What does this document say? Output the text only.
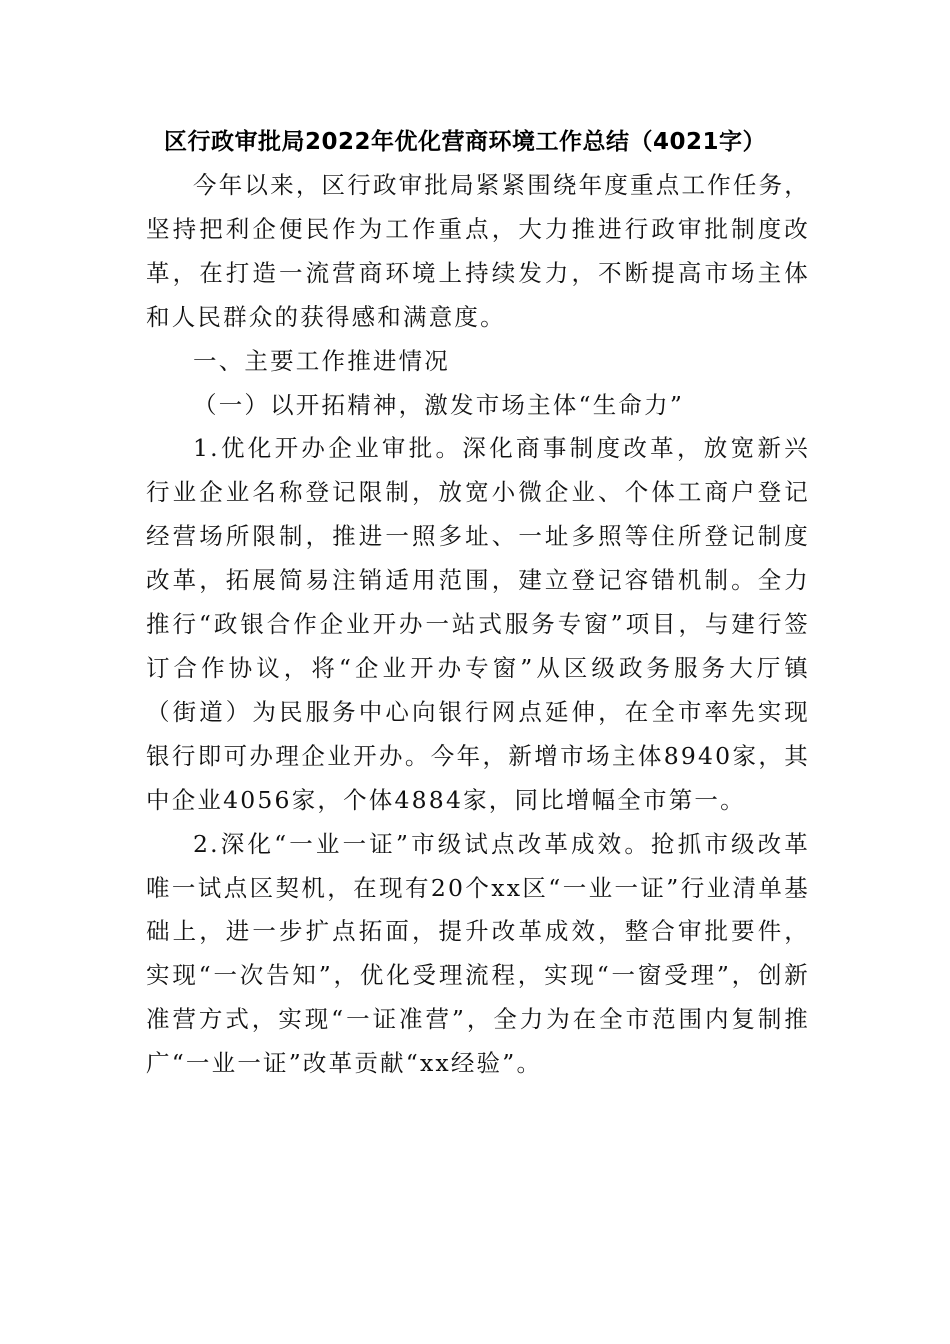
区行政审批局2022年优化营商环境工作总结（4021字）

今年以来，区行政审批局紧紧围绕年度重点工作任务，坚持把利企便民作为工作重点，大力推进行政审批制度改革，在打造一流营商环境上持续发力，不断提高市场主体和人民群众的获得感和满意度。

一、主要工作推进情况

（一）以开拓精神，激发市场主体“生命力”

1.优化开办企业审批。深化商事制度改革，放宽新兴行业企业名称登记限制，放宽小微企业、个体工商户登记经营场所限制，推进一照多址、一址多照等住所登记制度改革，拓展简易注销适用范围，建立登记容错机制。全力推行“政银合作企业开办一站式服务专窗”项目，与建行签订合作协议，将“企业开办专窗”从区级政务服务大厅镇（街道）为民服务中心向银行网点延伸，在全市率先实现银行即可办理企业开办。今年，新增市场主体8940家，其中企业4056家，个体4884家，同比增幅全市第一。

2.深化“一业一证”市级试点改革成效。抢抓市级改革唯一试点区契机，在现有20个xx区“一业一证”行业清单基础上，进一步扩点拓面，提升改革成效，整合审批要件，实现“一次告知”，优化受理流程，实现“一窗受理”，创新准营方式，实现“一证准营”，全力为在全市范围内复制推广“一业一证”改革贡献“xx经验”。
